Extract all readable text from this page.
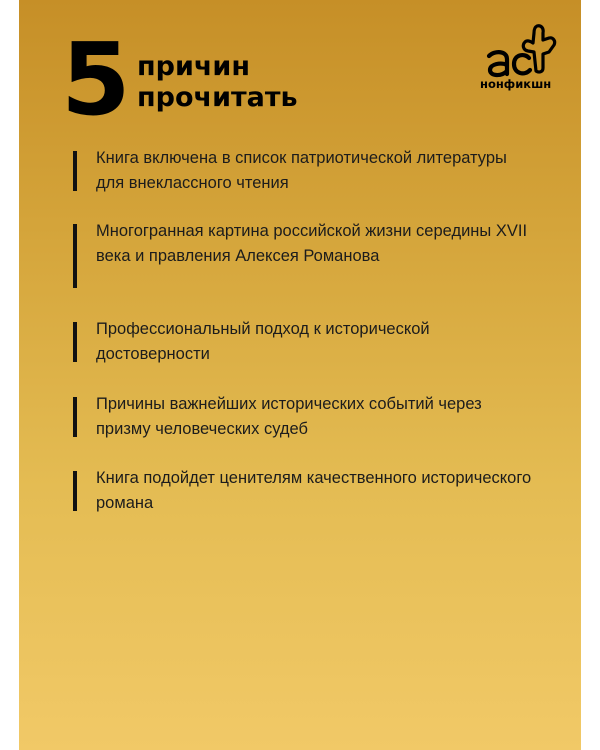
5 причин
прочитать	нонфикшн
Книга включена в список патриотической литературы для внеклассного чтения
Многогранная картина российской жизни середины XVII века и правления Алексея Романова
Профессиональный подход к исторической достоверности
Причины важнейших исторических событий через призму человеческих судеб
Книга подойдет ценителям качественного исторического романа
